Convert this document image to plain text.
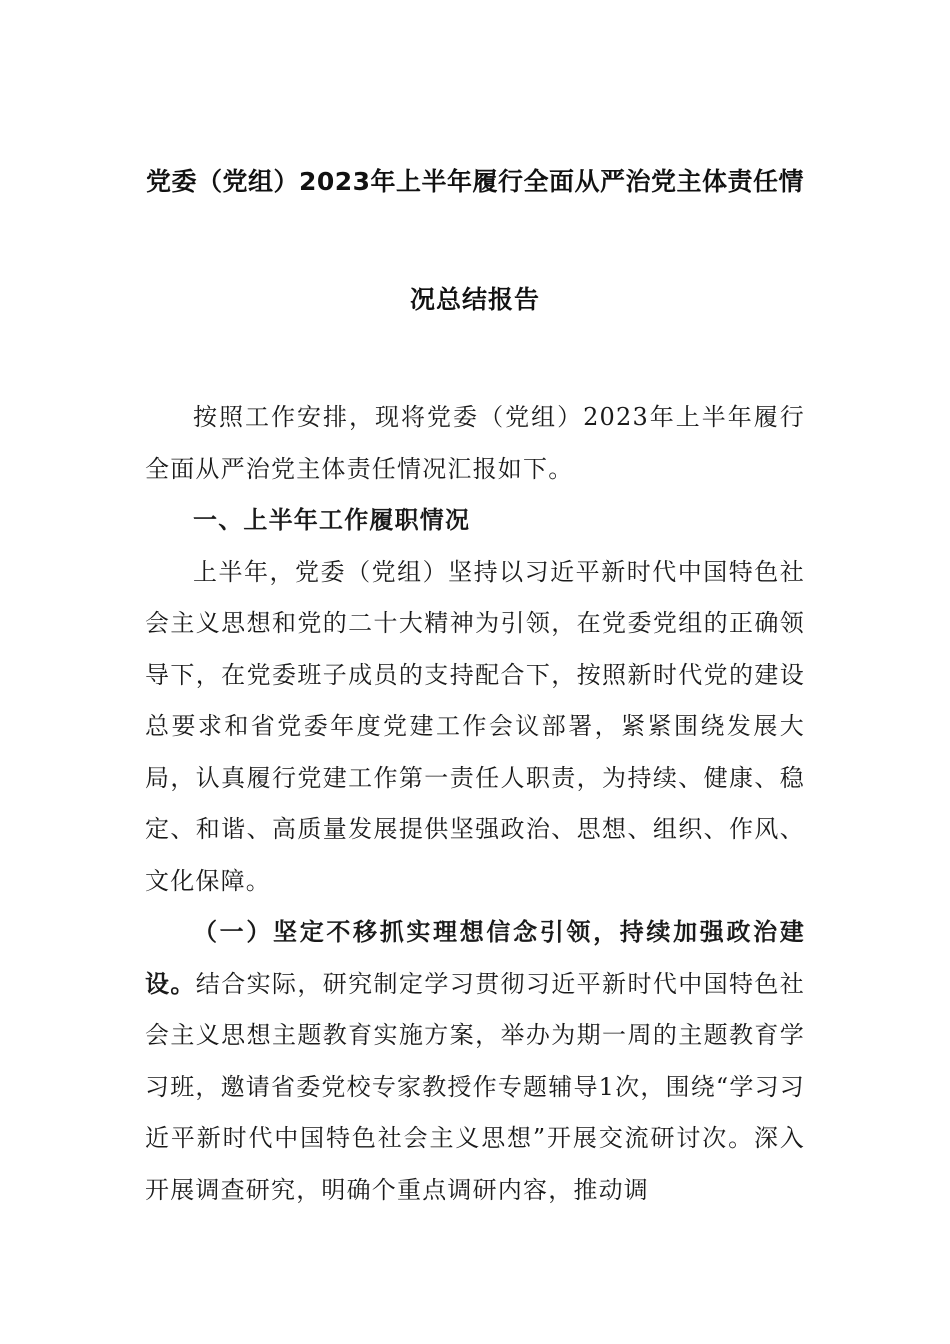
党委（党组）2023年上半年履行全面从严治党主体责任情
况总结报告

按照工作安排，现将党委（党组）2023年上半年履行全面从严治党主体责任情况汇报如下。

一、上半年工作履职情况

上半年，党委（党组）坚持以习近平新时代中国特色社会主义思想和党的二十大精神为引领，在党委党组的正确领导下，在党委班子成员的支持配合下，按照新时代党的建设总要求和省党委年度党建工作会议部署，紧紧围绕发展大局，认真履行党建工作第一责任人职责，为持续、健康、稳定、和谐、高质量发展提供坚强政治、思想、组织、作风、文化保障。

（一）坚定不移抓实理想信念引领，持续加强政治建设。结合实际，研究制定学习贯彻习近平新时代中国特色社会主义思想主题教育实施方案，举办为期一周的主题教育学习班，邀请省委党校专家教授作专题辅导1次，围绕“学习习近平新时代中国特色社会主义思想”开展交流研讨次。深入开展调查研究，明确个重点调研内容，推动调
